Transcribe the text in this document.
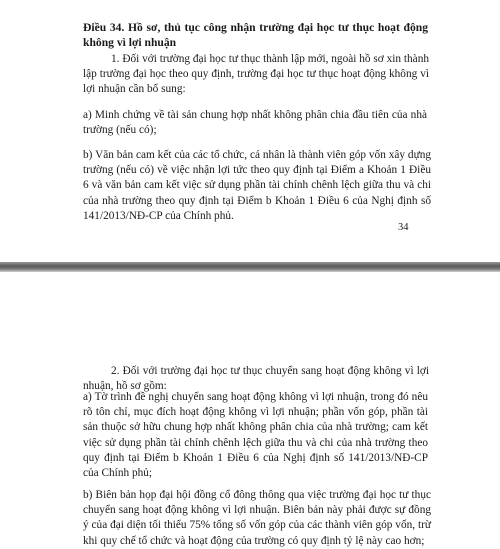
Điều 34. Hồ sơ, thủ tục công nhận trường đại học tư thục hoạt động không vì lợi nhuận

1. Đối với trường đại học tư thục thành lập mới, ngoài hồ sơ xin thành lập trường đại học theo quy định, trường đại học tư thục hoạt động không vì lợi nhuận cần bổ sung:

a) Minh chứng về tài sản chung hợp nhất không phân chia đầu tiên của nhà trường (nếu có);

b) Văn bản cam kết của các tổ chức, cá nhân là thành viên góp vốn xây dựng trường (nếu có) về việc nhận lợi tức theo quy định tại Điểm a Khoản 1 Điều 6 và văn bản cam kết việc sử dụng phần tài chính chênh lệch giữa thu và chi của nhà trường theo quy định tại Điểm b Khoản 1 Điều 6 của Nghị định số 141/2013/NĐ-CP của Chính phủ.

34

2. Đối với trường đại học tư thục chuyển sang hoạt động không vì lợi nhuận, hồ sơ gồm:

a) Tờ trình đề nghị chuyển sang hoạt động không vì lợi nhuận, trong đó nêu rõ tôn chỉ, mục đích hoạt động không vì lợi nhuận; phần vốn góp, phần tài sản thuộc sở hữu chung hợp nhất không phân chia của nhà trường; cam kết việc sử dụng phần tài chính chênh lệch giữa thu và chi của nhà trường theo quy định tại Điểm b Khoản 1 Điều 6 của Nghị định số 141/2013/NĐ-CP của Chính phủ;

b) Biên bản họp đại hội đồng cổ đông thông qua việc trường đại học tư thục chuyển sang hoạt động không vì lợi nhuận. Biên bản này phải được sự đồng ý của đại diện tối thiểu 75% tổng số vốn góp của các thành viên góp vốn, trừ khi quy chế tổ chức và hoạt động của trường có quy định tỷ lệ này cao hơn;
